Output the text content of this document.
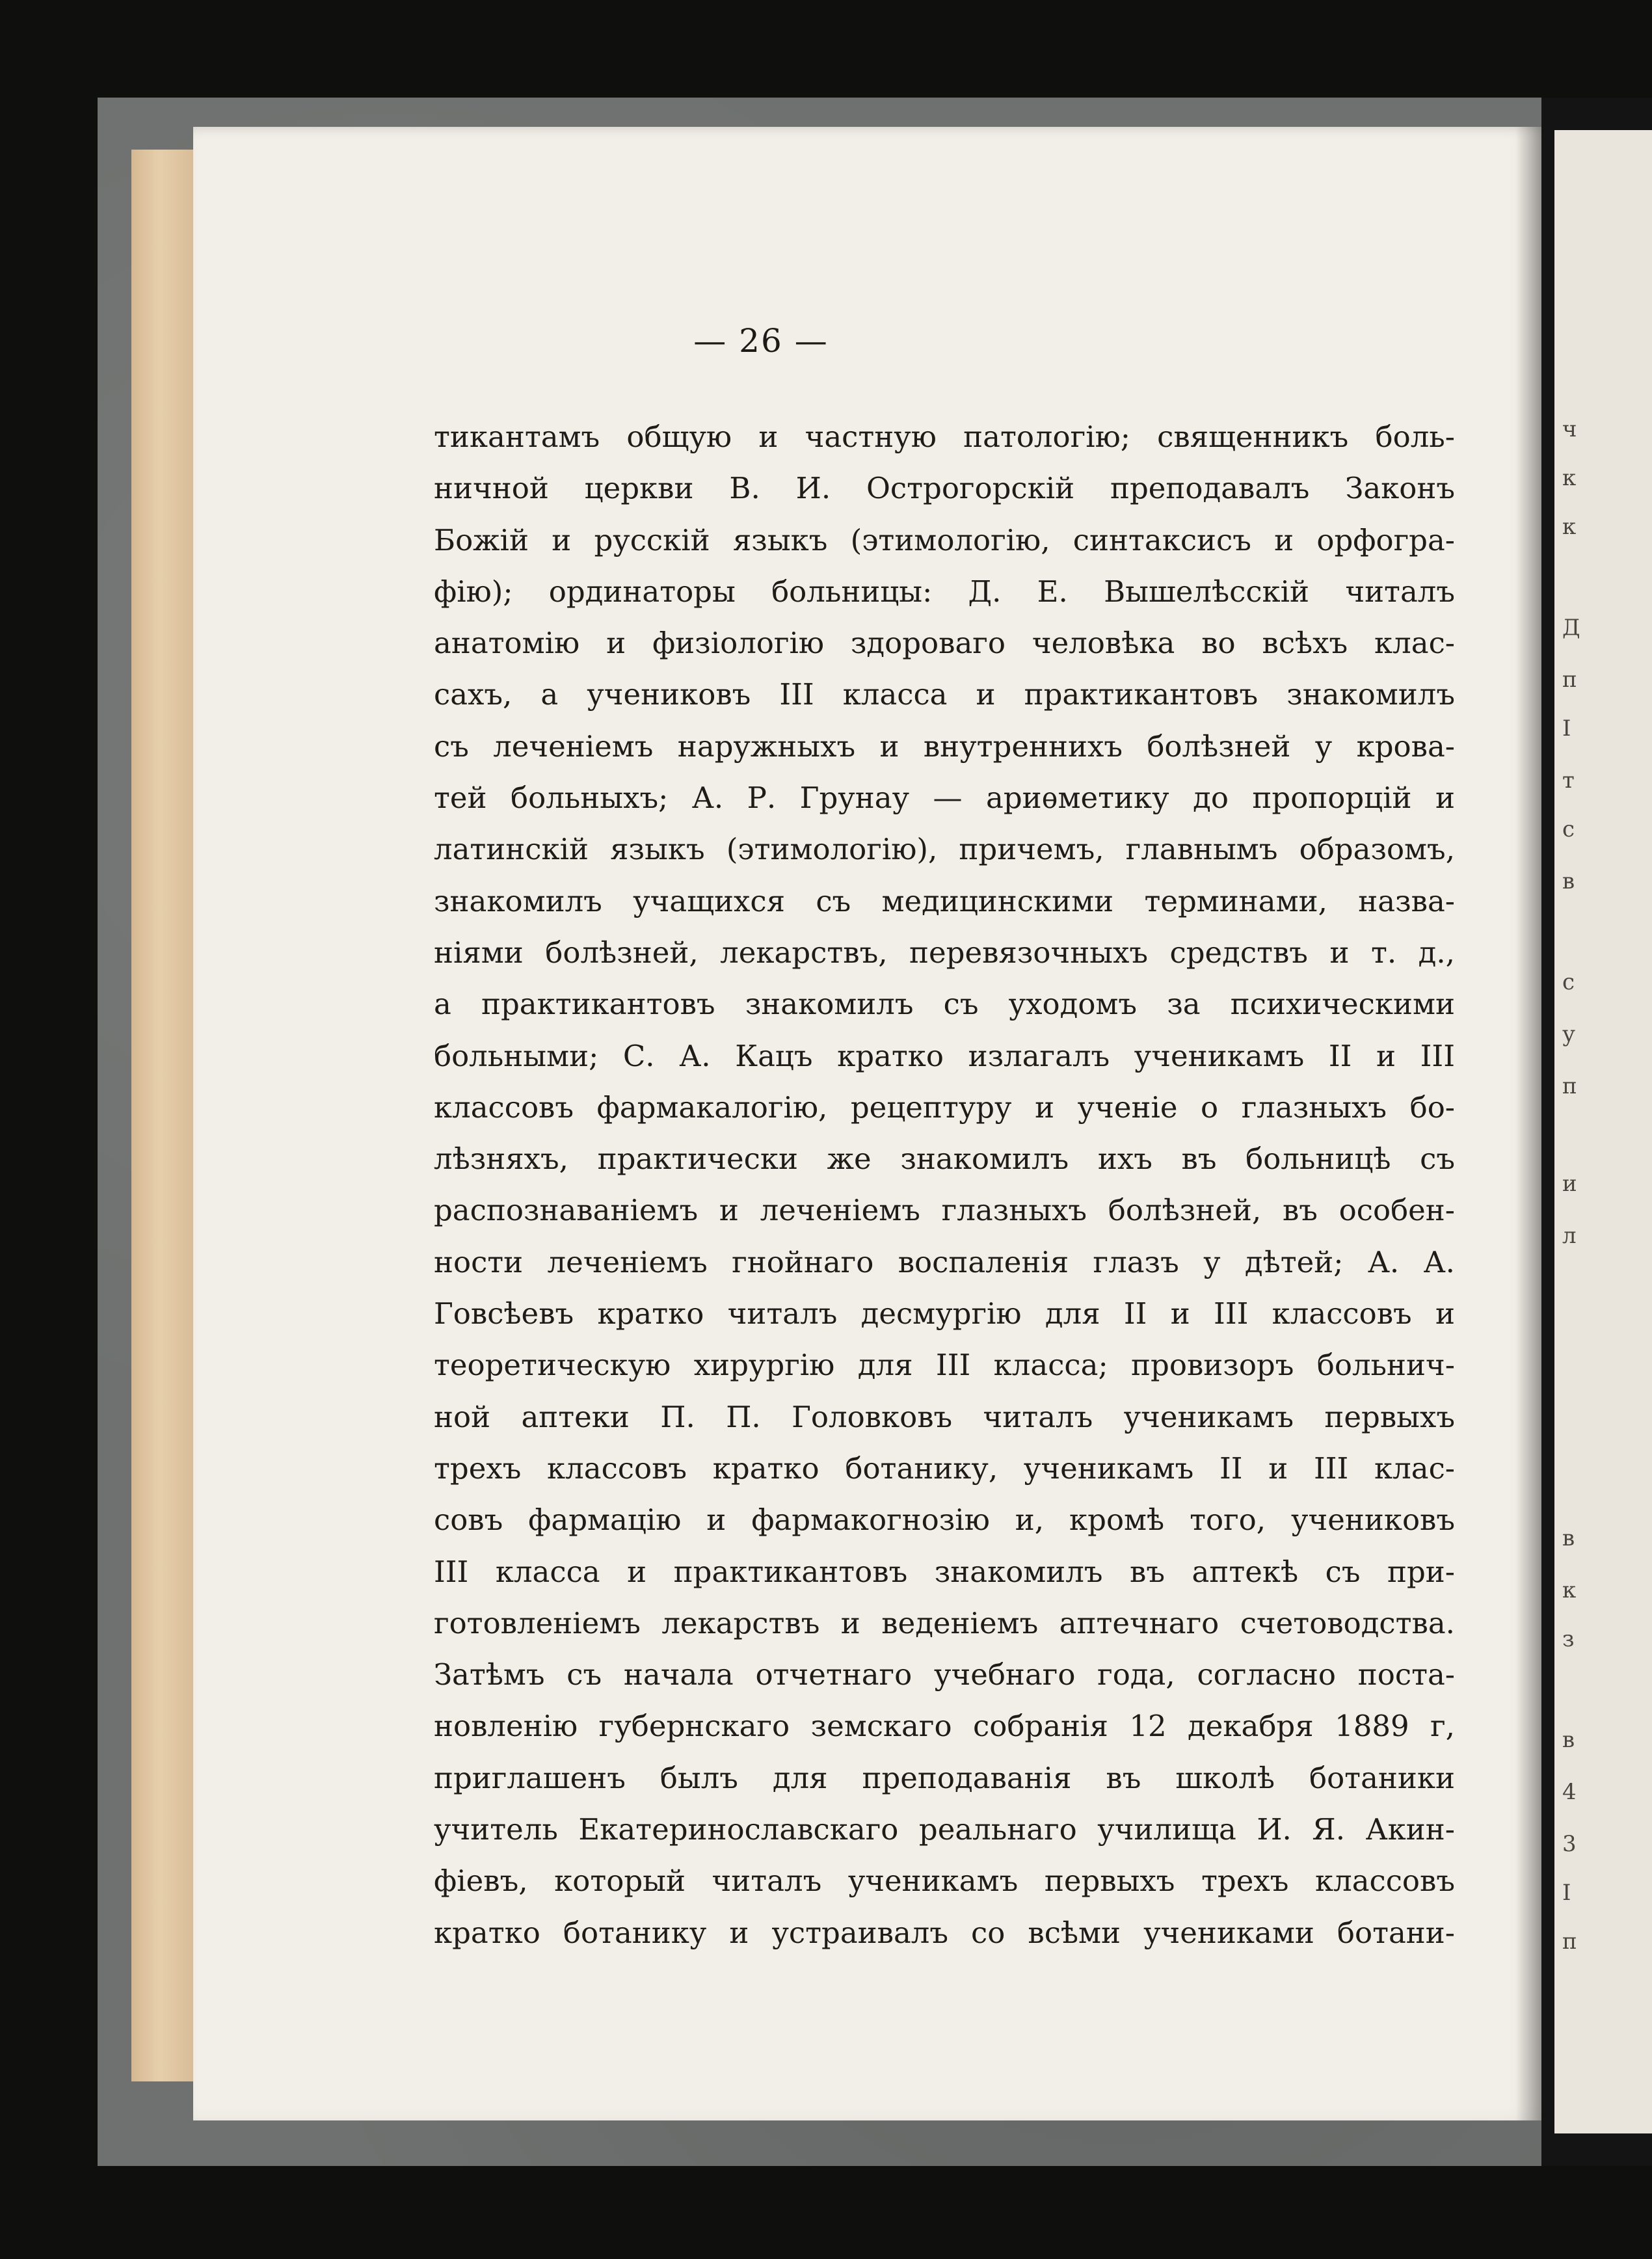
ч
к
к
Д
п
І
т
с
в
с
у
п
и
л
в
к
з
в
4
3
І
п
— 26 —
тикантамъ общую и частную патологію; священникъ боль-
ничной церкви В. И. Острогорскій преподавалъ Законъ
Божій и русскій языкъ (этимологію, синтаксисъ и орфогра-
фію); ординаторы больницы: Д. Е. Вышелѣсскій читалъ
анатомію и физіологію здороваго человѣка во всѣхъ клас-
сахъ, а учениковъ III класса и практикантовъ знакомилъ
съ леченіемъ наружныхъ и внутреннихъ болѣзней у крова-
тей больныхъ; А. Р. Грунау — ариѳметику до пропорцій и
латинскій языкъ (этимологію), причемъ, главнымъ образомъ,
знакомилъ учащихся съ медицинскими терминами, назва-
ніями болѣзней, лекарствъ, перевязочныхъ средствъ и т. д.,
а практикантовъ знакомилъ съ уходомъ за психическими
больными; С. А. Кацъ кратко излагалъ ученикамъ II и III
классовъ фармакалогію, рецептуру и ученіе о глазныхъ бо-
лѣзняхъ, практически же знакомилъ ихъ въ больницѣ съ
распознаваніемъ и леченіемъ глазныхъ болѣзней, въ особен-
ности леченіемъ гнойнаго воспаленія глазъ у дѣтей; А. А.
Говсѣевъ кратко читалъ десмургію для II и III классовъ и
теоретическую хирургію для III класса; провизоръ больнич-
ной аптеки П. П. Головковъ читалъ ученикамъ первыхъ
трехъ классовъ кратко ботанику, ученикамъ II и III клас-
совъ фармацію и фармакогнозію и, кромѣ того, учениковъ
III класса и практикантовъ знакомилъ въ аптекѣ съ при-
готовленіемъ лекарствъ и веденіемъ аптечнаго счетоводства.
Затѣмъ съ начала отчетнаго учебнаго года, согласно поста-
новленію губернскаго земскаго собранія 12 декабря 1889 г,
приглашенъ былъ для преподаванія въ школѣ ботаники
учитель Екатеринославскаго реальнаго училища И. Я. Акин-
фіевъ, который читалъ ученикамъ первыхъ трехъ классовъ
кратко ботанику и устраивалъ со всѣми учениками ботани-
